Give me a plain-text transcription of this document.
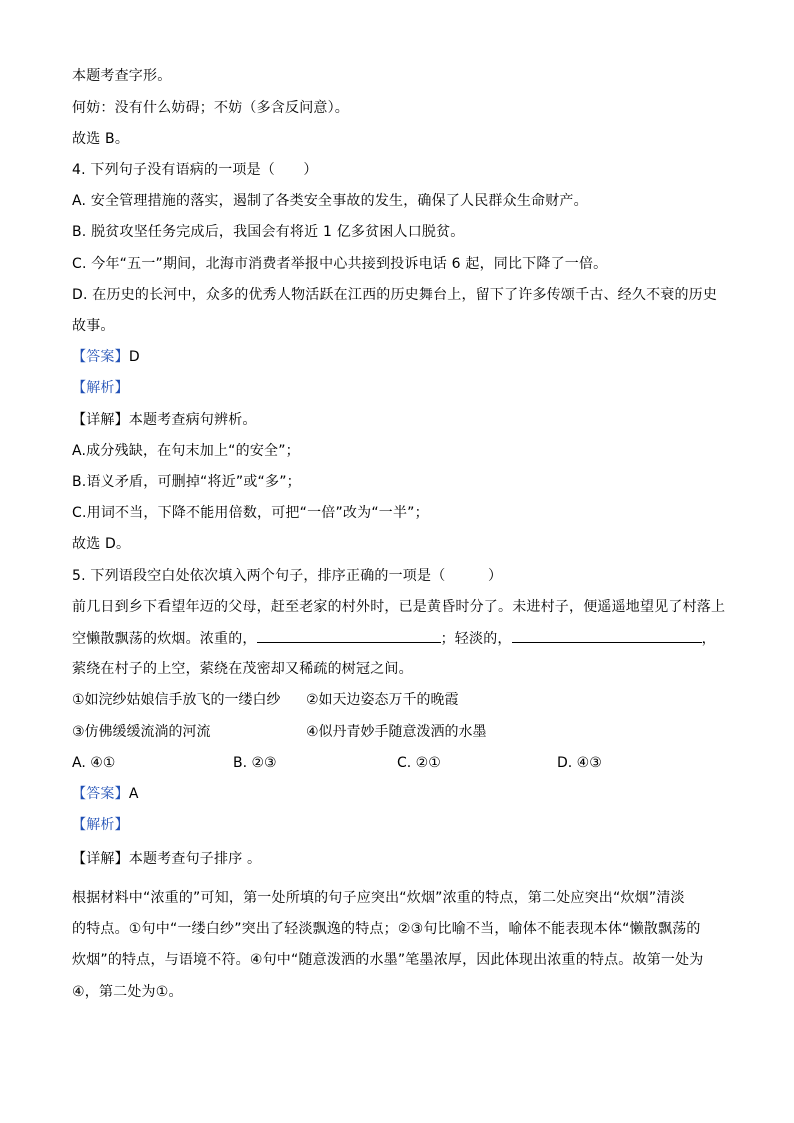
本题考查字形。
何妨：没有什么妨碍；不妨（多含反问意）。
故选 B。
4. 下列句子没有语病的一项是（　　）
A. 安全管理措施的落实，遏制了各类安全事故的发生，确保了人民群众生命财产。
B. 脱贫攻坚任务完成后，我国会有将近 1 亿多贫困人口脱贫。
C. 今年“五一”期间，北海市消费者举报中心共接到投诉电话 6 起，同比下降了一倍。
D. 在历史的长河中，众多的优秀人物活跃在江西的历史舞台上，留下了许多传颂千古、经久不衰的历史
故事。
【答案】D
【解析】
【详解】本题考查病句辨析。
A.成分残缺，在句末加上“的安全”；
B.语义矛盾，可删掉“将近”或“多”；
C.用词不当，下降不能用倍数，可把“一倍”改为“一半”；
故选 D。
5. 下列语段空白处依次填入两个句子，排序正确的一项是（　　　）
前几日到乡下看望年迈的父母，赶至老家的村外时，已是黄昏时分了。未进村子，便遥遥地望见了村落上
空懒散飘荡的炊烟。浓重的，	；轻淡的，	，
萦绕在村子的上空，萦绕在茂密却又稀疏的树冠之间。
①如浣纱姑娘信手放飞的一缕白纱 ②如天边姿态万千的晚霞
③仿佛缓缓流淌的河流	④似丹青妙手随意泼洒的水墨
A. ④①	B. ②③	C. ②①	D. ④③
【答案】A
【解析】
【详解】本题考查句子排序 。
根据材料中“浓重的”可知，第一处所填的句子应突出“炊烟”浓重的特点，第二处应突出“炊烟”清淡
的特点。①句中“一缕白纱”突出了轻淡飘逸的特点；②③句比喻不当，喻体不能表现本体“懒散飘荡的
炊烟”的特点，与语境不符。④句中“随意泼洒的水墨”笔墨浓厚，因此体现出浓重的特点。故第一处为
④，第二处为①。
